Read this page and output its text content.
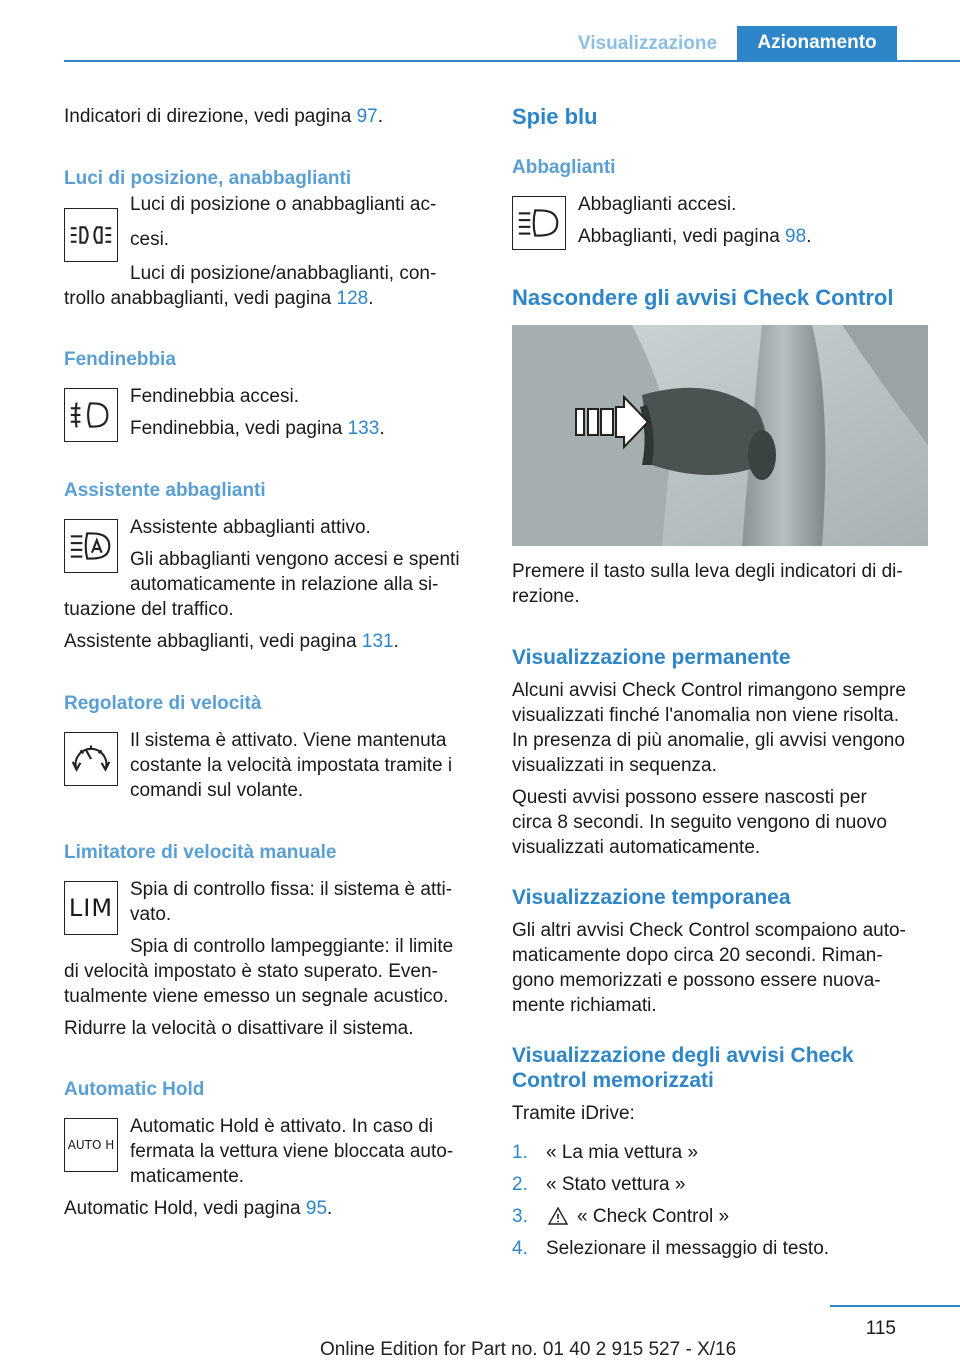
Visualizzazione	Azionamento
Indicatori di direzione, vedi pagina 97.
Luci di posizione, anabbaglianti
Luci di posizione o anabbaglianti ac-
cesi.
Luci di posizione/anabbaglianti, con-
trollo anabbaglianti, vedi pagina 128.
Fendinebbia
Fendinebbia accesi.
Fendinebbia, vedi pagina 133.
Assistente abbaglianti
Assistente abbaglianti attivo.
Gli abbaglianti vengono accesi e spenti
automaticamente in relazione alla si-
tuazione del traffico.
Assistente abbaglianti, vedi pagina 131.
Regolatore di velocità
Il sistema è attivato. Viene mantenuta
costante la velocità impostata tramite i
comandi sul volante.
Limitatore di velocità manuale
LIM
Spia di controllo fissa: il sistema è atti-
vato.
Spia di controllo lampeggiante: il limite
di velocità impostato è stato superato. Even-
tualmente viene emesso un segnale acustico.
Ridurre la velocità o disattivare il sistema.
Automatic Hold
AUTO H
Automatic Hold è attivato. In caso di
fermata la vettura viene bloccata auto-
maticamente.
Automatic Hold, vedi pagina 95.
Spie blu
Abbaglianti
Abbaglianti accesi.
Abbaglianti, vedi pagina 98.
Nascondere gli avvisi Check Control
Premere il tasto sulla leva degli indicatori di di-
rezione.
Visualizzazione permanente
Alcuni avvisi Check Control rimangono sempre
visualizzati finché l'anomalia non viene risolta.
In presenza di più anomalie, gli avvisi vengono
visualizzati in sequenza.
Questi avvisi possono essere nascosti per
circa 8 secondi. In seguito vengono di nuovo
visualizzati automaticamente.
Visualizzazione temporanea
Gli altri avvisi Check Control scompaiono auto-
maticamente dopo circa 20 secondi. Riman-
gono memorizzati e possono essere nuova-
mente richiamati.
Visualizzazione degli avvisi Check
Control memorizzati
Tramite iDrive:
1. « La mia vettura »
2. « Stato vettura »
3.	« Check Control »
4. Selezionare il messaggio di testo.
115
Online Edition for Part no. 01 40 2 915 527 - X/16
